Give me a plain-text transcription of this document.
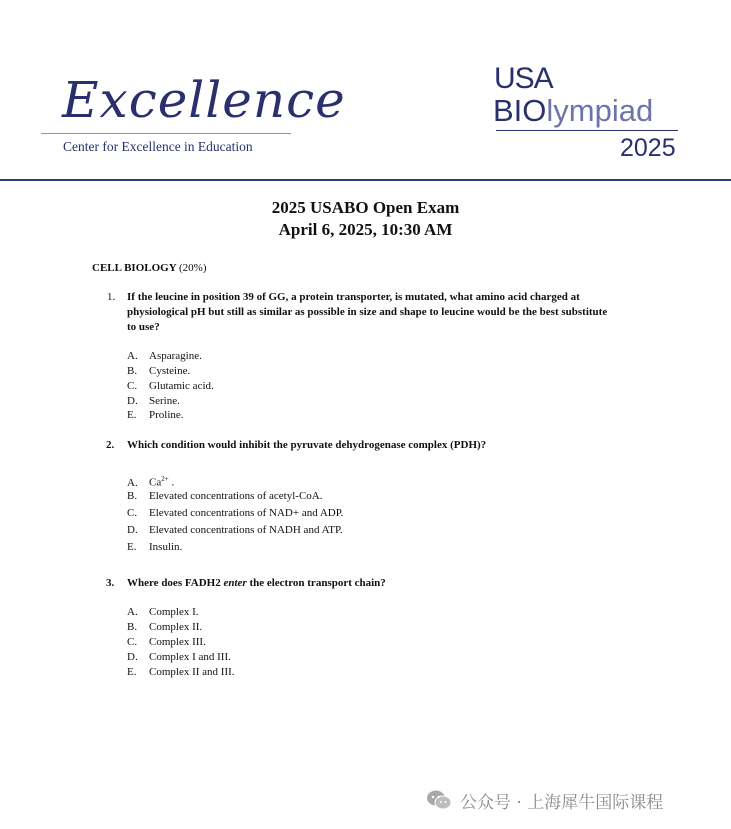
Excellence
Center for Excellence in Education
USA
BIOlympiad
2025
2025 USABO Open Exam
April 6, 2025, 10:30 AM
CELL BIOLOGY (20%)
1. If the leucine in position 39 of GG, a protein transporter, is mutated, what amino acid charged at physiological pH but still as similar as possible in size and shape to leucine would be the best substitute to use?
A. Asparagine.
B. Cysteine.
C. Glutamic acid.
D. Serine.
E. Proline.
2. Which condition would inhibit the pyruvate dehydrogenase complex (PDH)?
A. $Ca^{2+}$ .
B. Elevated concentrations of acetyl-CoA.
C. Elevated concentrations of NAD+ and ADP.
D. Elevated concentrations of NADH and ATP.
E. Insulin.
3. Where does FADH2 enter the electron transport chain?
A. Complex I.
B. Complex II.
C. Complex III.
D. Complex I and III.
E. Complex II and III.
公众号 · 上海犀牛国际课程
